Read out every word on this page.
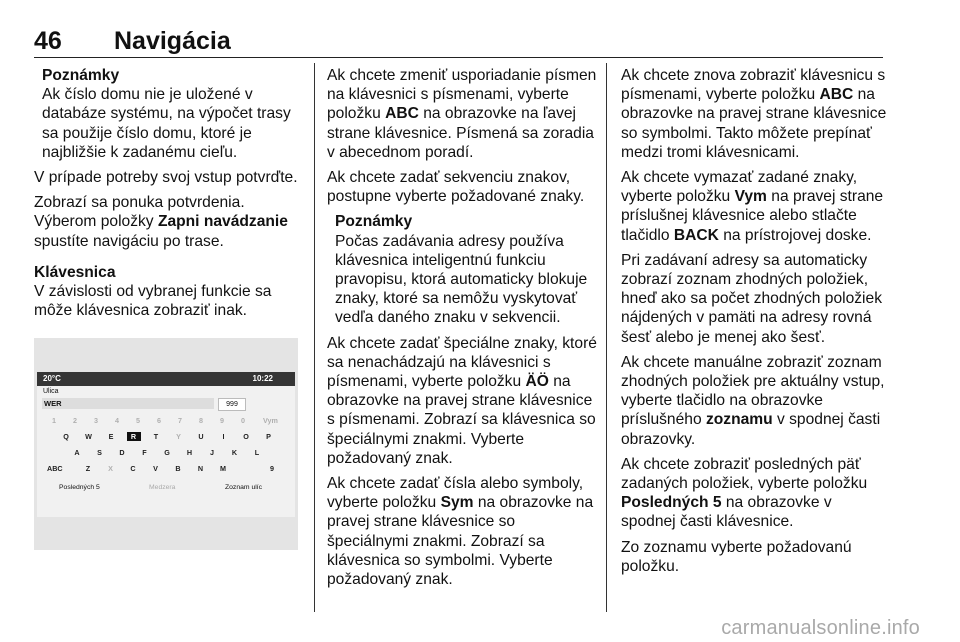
46 Navigácia
Poznámky

Ak číslo domu nie je uložené v databáze systému, na výpočet trasy sa použije číslo domu, ktoré je najbližšie k zadanému cieľu.

V prípade potreby svoj vstup potvrďte.

Zobrazí sa ponuka potvrdenia. Výberom položky Zapni navádzanie spustíte navigáciu po trase.

Klávesnica

V závislosti od vybranej funkcie sa môže klávesnica zobraziť inak.

20°C	10:22
Ulica
WER	999
1	2	3	4	5	6	7	8	9	0	Vym
Q	W	E	R	T	Y	U	I	O	P
A	S	D	F	G	H	J	K	L
ABC	Z	X	C	V	B	N	M	9
Posledných 5	Medzera	Zoznam ulíc

Ak chcete zmeniť usporiadanie písmen na klávesnici s písmenami, vyberte položku ABC na obrazovke na ľavej strane klávesnice. Písmená sa zoradia v abecednom poradí.

Ak chcete zadať sekvenciu znakov, postupne vyberte požadované znaky.

Poznámky

Počas zadávania adresy používa klávesnica inteligentnú funkciu pravopisu, ktorá automaticky blokuje znaky, ktoré sa nemôžu vyskytovať vedľa daného znaku v sekvencii.

Ak chcete zadať špeciálne znaky, ktoré sa nenachádzajú na klávesnici s písmenami, vyberte položku ÄÖ na obrazovke na pravej strane klávesnice s písmenami. Zobrazí sa klávesnica so špeciálnymi znakmi. Vyberte požadovaný znak.

Ak chcete zadať čísla alebo symboly, vyberte položku Sym na obrazovke na pravej strane klávesnice so špeciálnymi znakmi. Zobrazí sa klávesnica so symbolmi. Vyberte požadovaný znak.

Ak chcete znova zobraziť klávesnicu s písmenami, vyberte položku ABC na obrazovke na pravej strane klávesnice so symbolmi. Takto môžete prepínať medzi tromi klávesnicami.

Ak chcete vymazať zadané znaky, vyberte položku Vym na pravej strane príslušnej klávesnice alebo stlačte tlačidlo BACK na prístrojovej doske.

Pri zadávaní adresy sa automaticky zobrazí zoznam zhodných položiek, hneď ako sa počet zhodných položiek nájdených v pamäti na adresy rovná šesť alebo je menej ako šesť.

Ak chcete manuálne zobraziť zoznam zhodných položiek pre aktuálny vstup, vyberte tlačidlo na obrazovke príslušného zoznamu v spodnej časti obrazovky.

Ak chcete zobraziť posledných päť zadaných položiek, vyberte položku Posledných 5 na obrazovke v spodnej časti klávesnice.

Zo zoznamu vyberte požadovanú položku.

carmanualsonline.info
